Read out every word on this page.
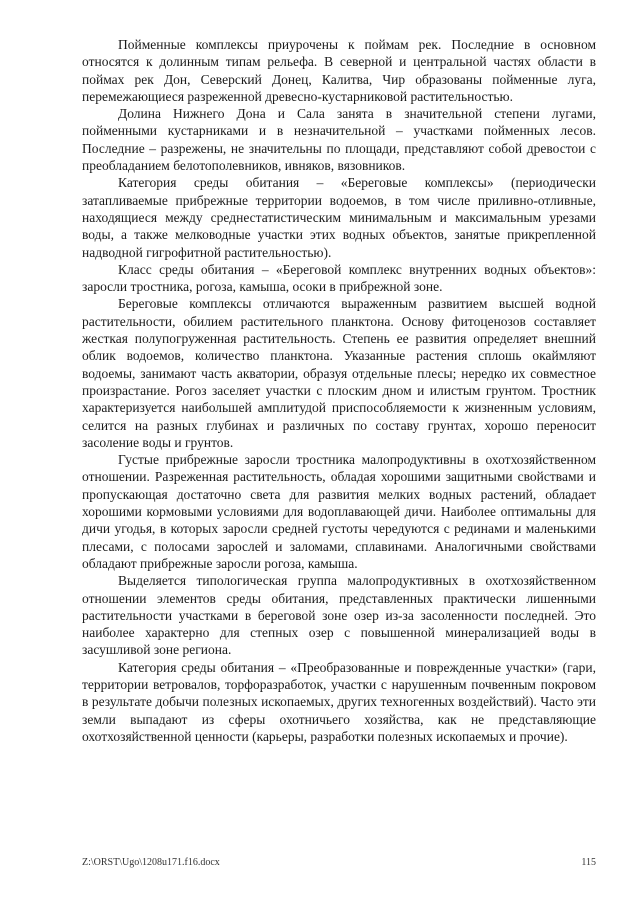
Пойменные комплексы приурочены к поймам рек. Последние в основном относятся к долинным типам рельефа. В северной и центральной частях области в поймах рек Дон, Северский Донец, Калитва, Чир образованы пойменные луга, перемежающиеся разреженной древесно-кустарниковой растительностью.

Долина Нижнего Дона и Сала занята в значительной степени лугами, пойменными кустарниками и в незначительной – участками пойменных лесов. Последние – разрежены, не значительны по площади, представляют собой древостои с преобладанием белотополевников, ивняков, вязовников.

Категория среды обитания – «Береговые комплексы» (периодически затапливаемые прибрежные территории водоемов, в том числе приливно-отливные, находящиеся между среднестатистическим минимальным и максимальным урезами воды, а также мелководные участки этих водных объектов, занятые прикрепленной надводной гигрофитной растительностью).

Класс среды обитания – «Береговой комплекс внутренних водных объектов»: заросли тростника, рогоза, камыша, осоки в прибрежной зоне.

Береговые комплексы отличаются выраженным развитием высшей водной растительности, обилием растительного планктона. Основу фитоценозов составляет жесткая полупогруженная растительность. Степень ее развития определяет внешний облик водоемов, количество планктона. Указанные растения сплошь окаймляют водоемы, занимают часть акватории, образуя отдельные плесы; нередко их совместное произрастание. Рогоз заселяет участки с плоским дном и илистым грунтом. Тростник характеризуется наибольшей амплитудой приспособляемости к жизненным условиям, селится на разных глубинах и различных по составу грунтах, хорошо переносит засоление воды и грунтов.

Густые прибрежные заросли тростника малопродуктивны в охотхозяйственном отношении. Разреженная растительность, обладая хорошими защитными свойствами и пропускающая достаточно света для развития мелких водных растений, обладает хорошими кормовыми условиями для водоплавающей дичи. Наиболее оптимальны для дичи угодья, в которых заросли средней густоты чередуются с рединами и маленькими плесами, с полосами зарослей и заломами, сплавинами. Аналогичными свойствами обладают прибрежные заросли рогоза, камыша.

Выделяется типологическая группа малопродуктивных в охотхозяйственном отношении элементов среды обитания, представленных практически лишенными растительности участками в береговой зоне озер из-за засоленности последней. Это наиболее характерно для степных озер с повышенной минерализацией воды в засушливой зоне региона.

Категория среды обитания – «Преобразованные и поврежденные участки» (гари, территории ветровалов, торфоразработок, участки с нарушенным почвенным покровом в результате добычи полезных ископаемых, других техногенных воздействий). Часто эти земли выпадают из сферы охотничьего хозяйства, как не представляющие охотхозяйственной ценности (карьеры, разработки полезных ископаемых и прочие).

Z:\ORST\Ugo\1208u171.f16.docx	115
